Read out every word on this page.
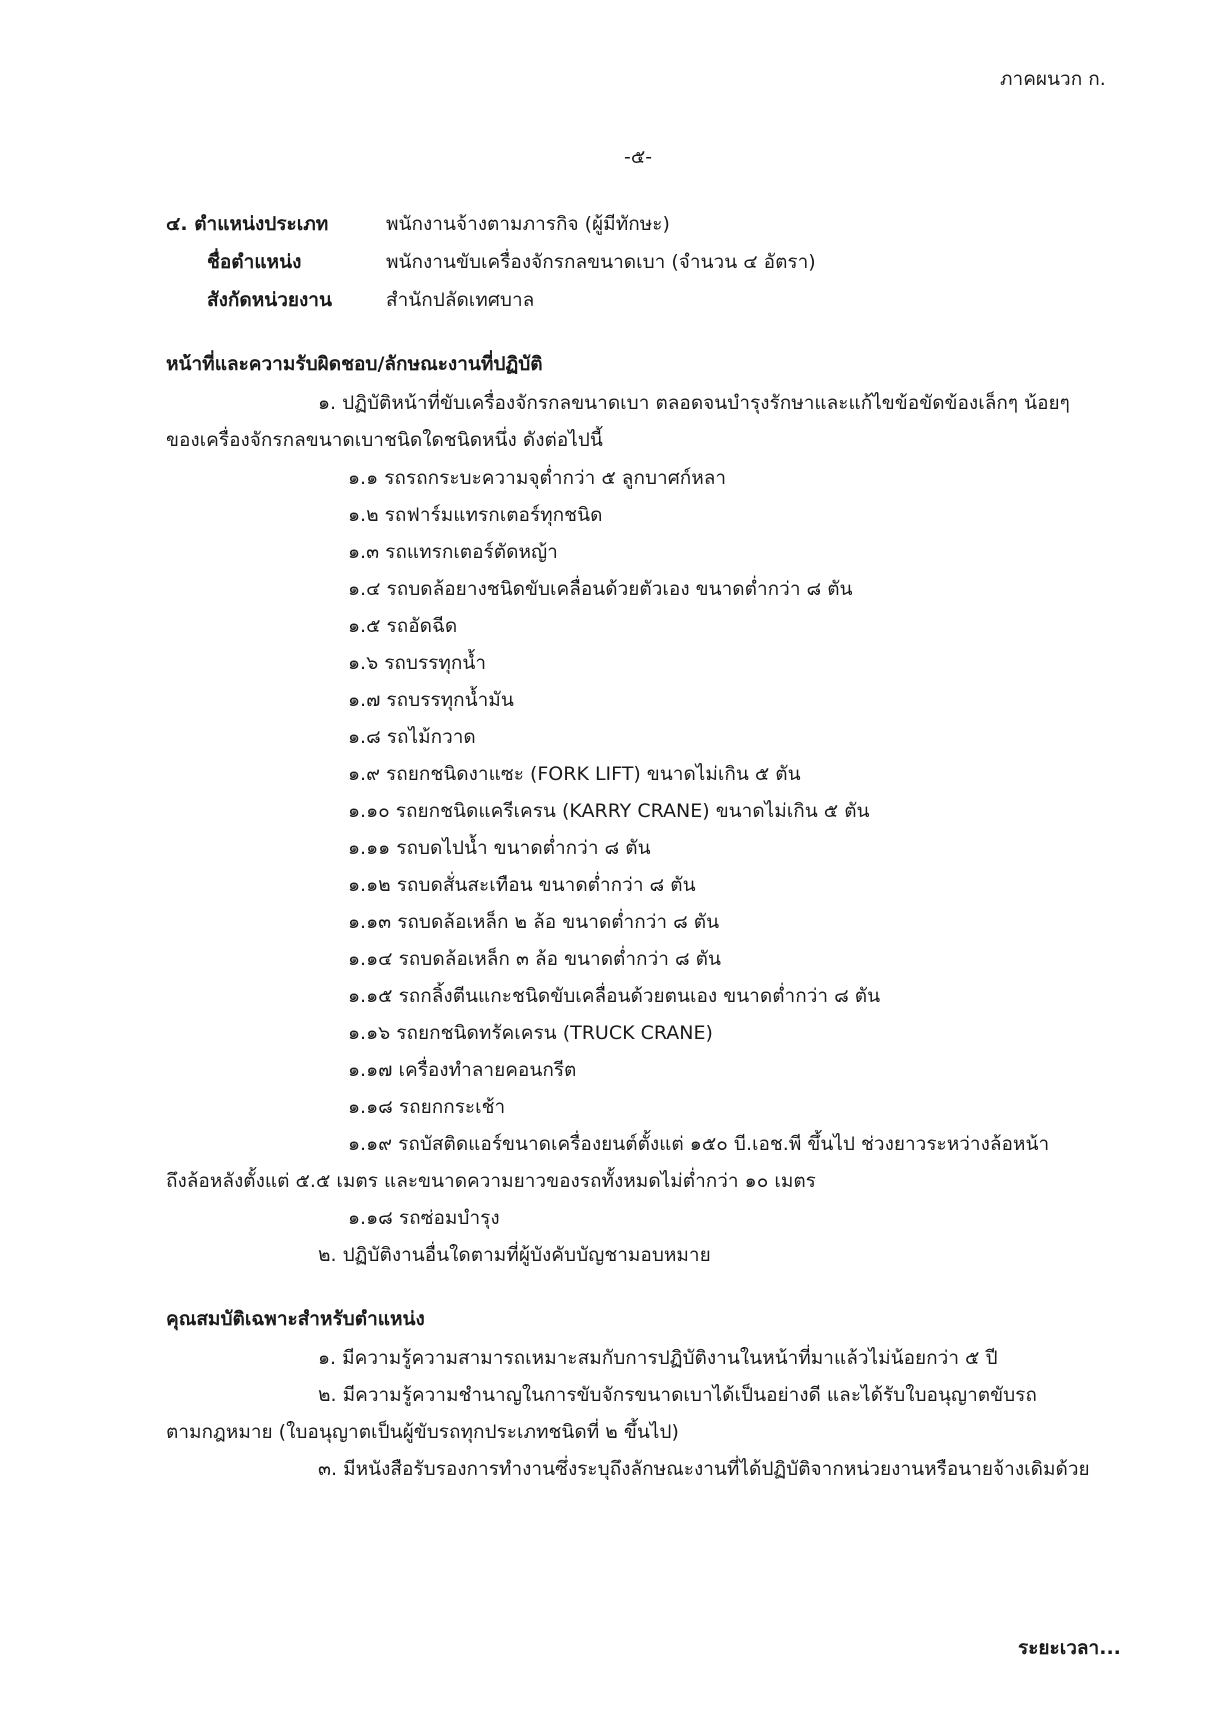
ภาคผนวก ก.
-๕-
๔. ตำแหน่งประเภท	พนักงานจ้างตามภารกิจ (ผู้มีทักษะ)
ชื่อตำแหน่ง	พนักงานขับเครื่องจักรกลขนาดเบา (จำนวน ๔ อัตรา)
สังกัดหน่วยงาน	สำนักปลัดเทศบาล
หน้าที่และความรับผิดชอบ/ลักษณะงานที่ปฏิบัติ
๑. ปฏิบัติหน้าที่ขับเครื่องจักรกลขนาดเบา ตลอดจนบำรุงรักษาและแก้ไขข้อขัดข้องเล็กๆ น้อยๆ
ของเครื่องจักรกลขนาดเบาชนิดใดชนิดหนึ่ง ดังต่อไปนี้
๑.๑ รถรถกระบะความจุต่ำกว่า ๕ ลูกบาศก์หลา
๑.๒ รถฟาร์มแทรกเตอร์ทุกชนิด
๑.๓ รถแทรกเตอร์ตัดหญ้า
๑.๔ รถบดล้อยางชนิดขับเคลื่อนด้วยตัวเอง ขนาดต่ำกว่า ๘ ตัน
๑.๕ รถอัดฉีด
๑.๖ รถบรรทุกน้ำ
๑.๗ รถบรรทุกน้ำมัน
๑.๘ รถไม้กวาด
๑.๙ รถยกชนิดงาแซะ (FORK LIFT) ขนาดไม่เกิน ๕ ตัน
๑.๑๐ รถยกชนิดแครีเครน (KARRY CRANE) ขนาดไม่เกิน ๕ ตัน
๑.๑๑ รถบดไปน้ำ ขนาดต่ำกว่า ๘ ตัน
๑.๑๒ รถบดสั่นสะเทือน ขนาดต่ำกว่า ๘ ตัน
๑.๑๓ รถบดล้อเหล็ก ๒ ล้อ ขนาดต่ำกว่า ๘ ตัน
๑.๑๔ รถบดล้อเหล็ก ๓ ล้อ ขนาดต่ำกว่า ๘ ตัน
๑.๑๕ รถกลิ้งตีนแกะชนิดขับเคลื่อนด้วยตนเอง ขนาดต่ำกว่า ๘ ตัน
๑.๑๖ รถยกชนิดทรัคเครน (TRUCK CRANE)
๑.๑๗ เครื่องทำลายคอนกรีต
๑.๑๘ รถยกกระเช้า
๑.๑๙ รถบัสติดแอร์ขนาดเครื่องยนต์ตั้งแต่ ๑๕๐ บี.เอช.พี ขึ้นไป ช่วงยาวระหว่างล้อหน้า
ถึงล้อหลังตั้งแต่ ๕.๕ เมตร และขนาดความยาวของรถทั้งหมดไม่ต่ำกว่า ๑๐ เมตร
๑.๑๘ รถซ่อมบำรุง
๒. ปฏิบัติงานอื่นใดตามที่ผู้บังคับบัญชามอบหมาย
คุณสมบัติเฉพาะสำหรับตำแหน่ง
๑. มีความรู้ความสามารถเหมาะสมกับการปฏิบัติงานในหน้าที่มาแล้วไม่น้อยกว่า ๕ ปี
๒. มีความรู้ความชำนาญในการขับจักรขนาดเบาได้เป็นอย่างดี และได้รับใบอนุญาตขับรถ
ตามกฎหมาย (ใบอนุญาตเป็นผู้ขับรถทุกประเภทชนิดที่ ๒ ขึ้นไป)
๓. มีหนังสือรับรองการทำงานซึ่งระบุถึงลักษณะงานที่ได้ปฏิบัติจากหน่วยงานหรือนายจ้างเดิมด้วย
ระยะเวลา...
